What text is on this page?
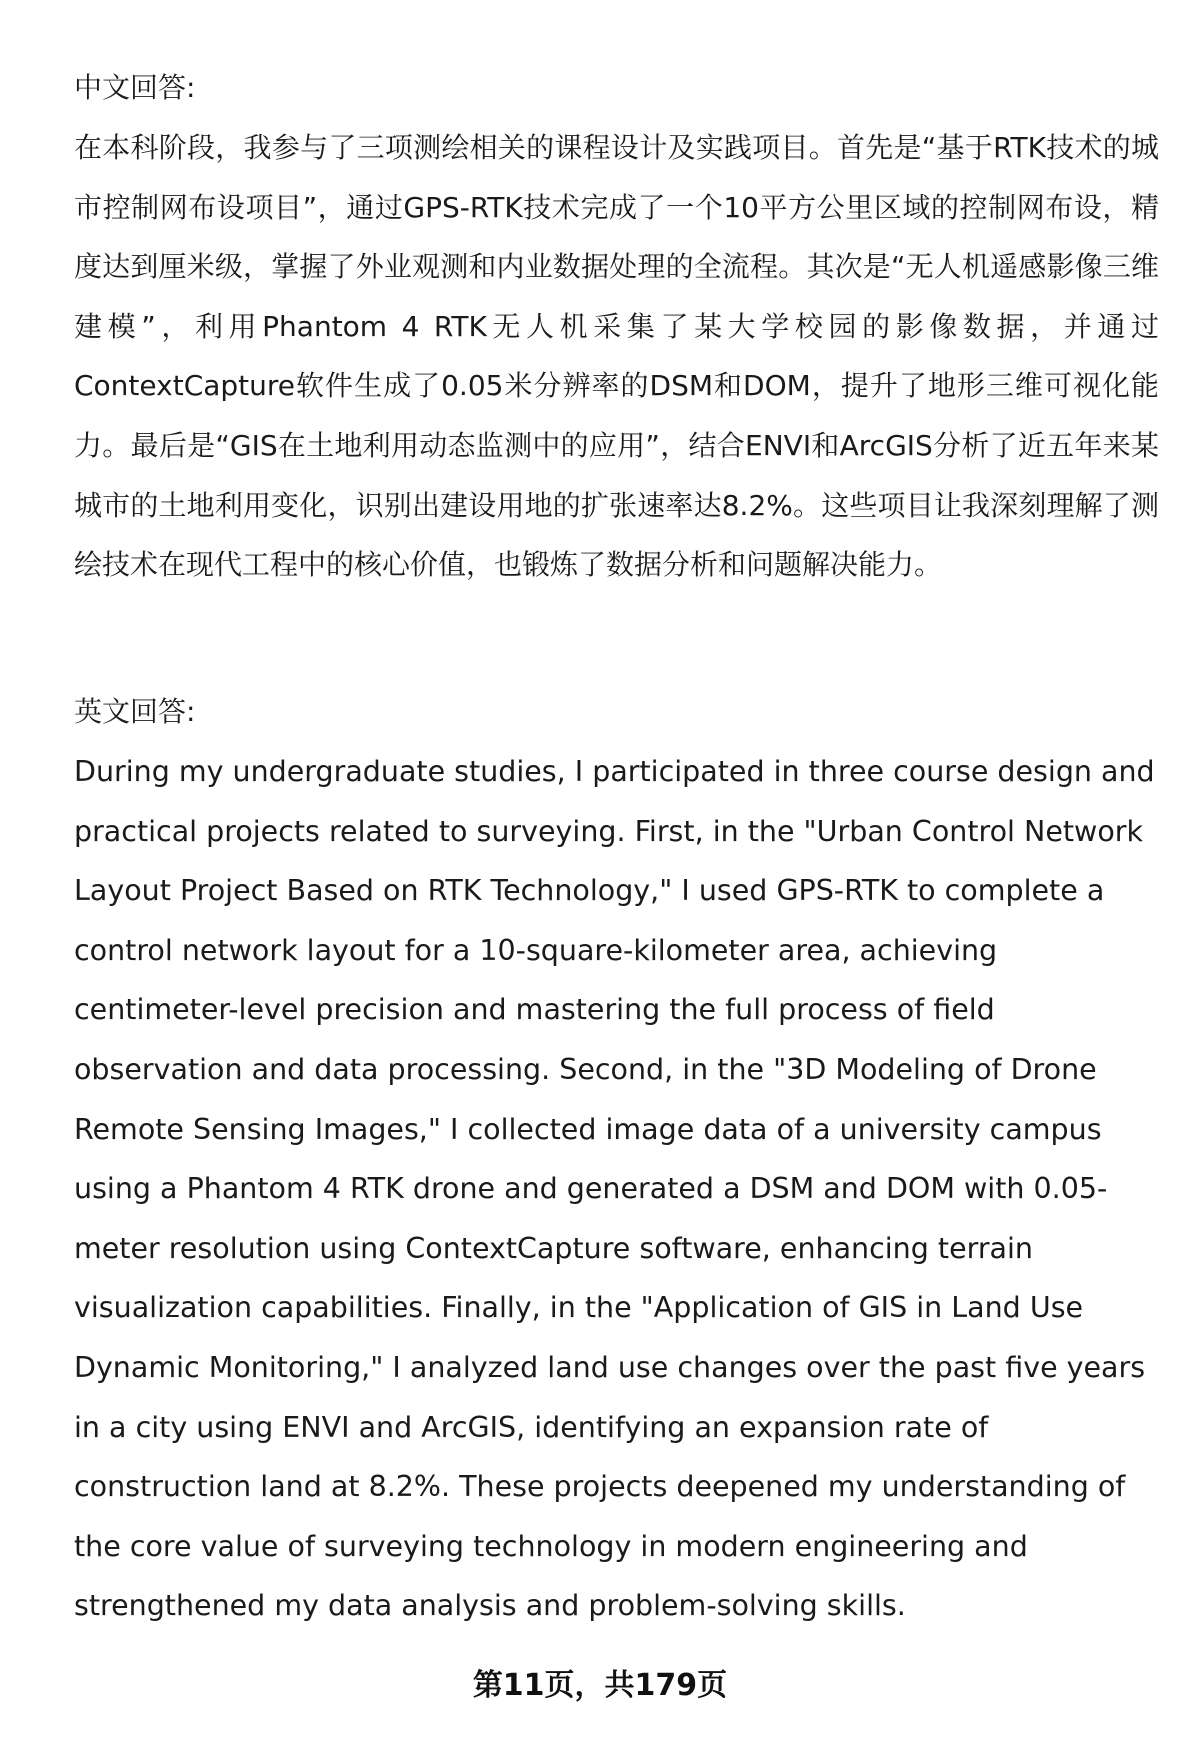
中文回答:

在本科阶段，我参与了三项测绘相关的课程设计及实践项目。首先是“基于RTK技术的城市控制网布设项目”，通过GPS-RTK技术完成了一个10平方公里区域的控制网布设，精度达到厘米级，掌握了外业观测和内业数据处理的全流程。其次是“无人机遥感影像三维建模”，利用Phantom 4 RTK无人机采集了某大学校园的影像数据，并通过ContextCapture软件生成了0.05米分辨率的DSM和DOM，提升了地形三维可视化能力。最后是“GIS在土地利用动态监测中的应用”，结合ENVI和ArcGIS分析了近五年来某城市的土地利用变化，识别出建设用地的扩张速率达8.2%。这些项目让我深刻理解了测绘技术在现代工程中的核心价值，也锻炼了数据分析和问题解决能力。

英文回答:

During my undergraduate studies, I participated in three course design and practical projects related to surveying. First, in the "Urban Control Network Layout Project Based on RTK Technology," I used GPS-RTK to complete a control network layout for a 10-square-kilometer area, achieving centimeter-level precision and mastering the full process of field observation and data processing. Second, in the "3D Modeling of Drone Remote Sensing Images," I collected image data of a university campus using a Phantom 4 RTK drone and generated a DSM and DOM with 0.05-meter resolution using ContextCapture software, enhancing terrain visualization capabilities. Finally, in the "Application of GIS in Land Use Dynamic Monitoring," I analyzed land use changes over the past five years in a city using ENVI and ArcGIS, identifying an expansion rate of construction land at 8.2%. These projects deepened my understanding of the core value of surveying technology in modern engineering and strengthened my data analysis and problem-solving skills.

第11页，共179页
